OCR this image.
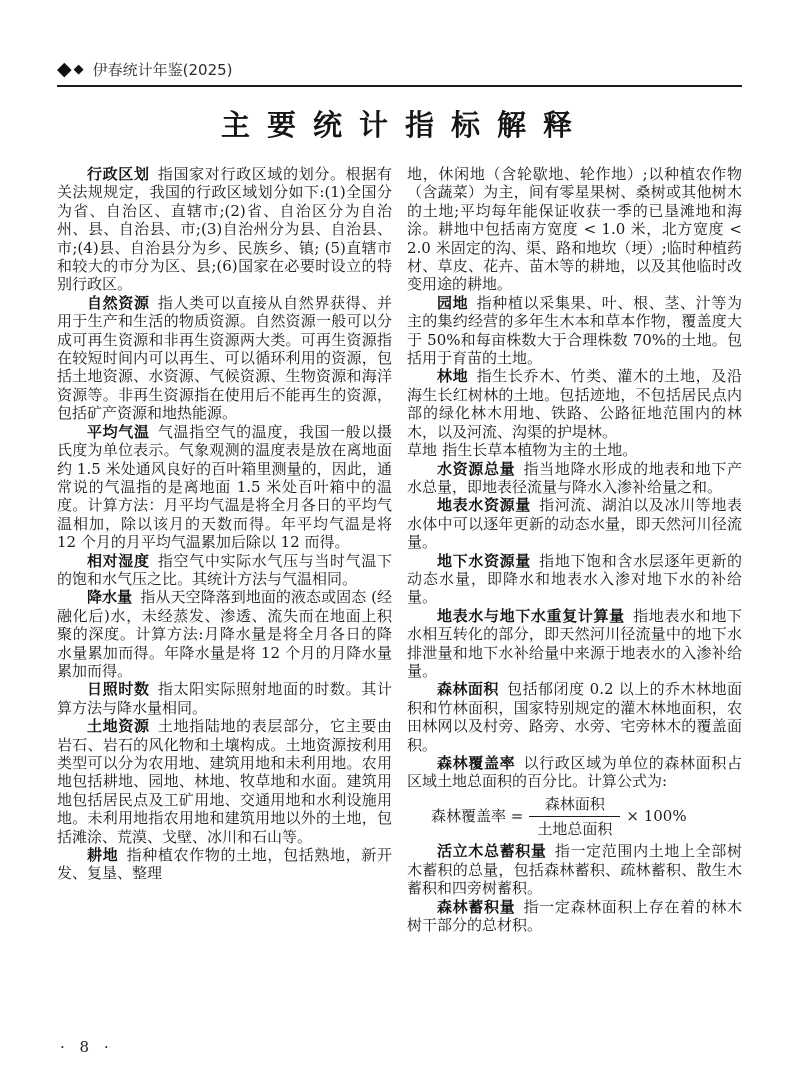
◆ ◆ 伊春统计年鉴(2025)
主要统计指标解释

行政区划 指国家对行政区域的划分。根据有关法规规定，我国的行政区域划分如下:(1)全国分为省、自治区、直辖市;(2)省、自治区分为自治州、县、自治县、市;(3)自治州分为县、自治县、市;(4)县、自治县分为乡、民族乡、镇; (5)直辖市和较大的市分为区、县;(6)国家在必要时设立的特别行政区。

自然资源 指人类可以直接从自然界获得、并用于生产和生活的物质资源。自然资源一般可以分成可再生资源和非再生资源两大类。可再生资源指在较短时间内可以再生、可以循环利用的资源，包括土地资源、水资源、气候资源、生物资源和海洋资源等。非再生资源指在使用后不能再生的资源，包括矿产资源和地热能源。

平均气温 气温指空气的温度，我国一般以摄氏度为单位表示。气象观测的温度表是放在离地面约 1.5 米处通风良好的百叶箱里测量的，因此，通常说的气温指的是离地面 1.5 米处百叶箱中的温度。计算方法：月平均气温是将全月各日的平均气温相加，除以该月的天数而得。年平均气温是将 12 个月的月平均气温累加后除以 12 而得。

相对湿度 指空气中实际水气压与当时气温下的饱和水气压之比。其统计方法与气温相同。

降水量 指从天空降落到地面的液态或固态 (经融化后)水，未经蒸发、渗透、流失而在地面上积聚的深度。计算方法:月降水量是将全月各日的降水量累加而得。年降水量是将 12 个月的月降水量累加而得。

日照时数 指太阳实际照射地面的时数。其计算方法与降水量相同。

土地资源 土地指陆地的表层部分，它主要由岩石、岩石的风化物和土壤构成。土地资源按利用类型可以分为农用地、建筑用地和未利用地。农用地包括耕地、园地、林地、牧草地和水面。建筑用地包括居民点及工矿用地、交通用地和水利设施用地。未利用地指农用地和建筑用地以外的土地，包括滩涂、荒漠、戈壁、冰川和石山等。

耕地 指种植农作物的土地，包括熟地，新开发、复垦、整理

地，休闲地（含轮歇地、轮作地）;以种植农作物（含蔬菜）为主，间有零星果树、桑树或其他树木的土地;平均每年能保证收获一季的已垦滩地和海涂。耕地中包括南方宽度 < 1.0 米，北方宽度 < 2.0 米固定的沟、渠、路和地坎（埂）;临时种植药材、草皮、花卉、苗木等的耕地，以及其他临时改变用途的耕地。

园地 指种植以采集果、叶、根、茎、汁等为主的集约经营的多年生木本和草本作物，覆盖度大于 50%和每亩株数大于合理株数 70%的土地。包括用于育苗的土地。

林地 指生长乔木、竹类、灌木的土地，及沿海生长红树林的土地。包括迹地，不包括居民点内部的绿化林木用地、铁路、公路征地范围内的林木，以及河流、沟渠的护堤林。

草地 指生长草本植物为主的土地。

水资源总量 指当地降水形成的地表和地下产水总量，即地表径流量与降水入渗补给量之和。

地表水资源量 指河流、湖泊以及冰川等地表水体中可以逐年更新的动态水量，即天然河川径流量。

地下水资源量 指地下饱和含水层逐年更新的动态水量，即降水和地表水入渗对地下水的补给量。

地表水与地下水重复计算量 指地表水和地下水相互转化的部分，即天然河川径流量中的地下水排泄量和地下水补给量中来源于地表水的入渗补给量。

森林面积 包括郁闭度 0.2 以上的乔木林地面积和竹林面积，国家特别规定的灌木林地面积，农田林网以及村旁、路旁、水旁、宅旁林木的覆盖面积。

森林覆盖率 以行政区域为单位的森林面积占区域土地总面积的百分比。计算公式为:

森林覆盖率 = $\frac{\text{森林面积}}{\text{土地总面积}} \times 100\%$

活立木总蓄积量 指一定范围内土地上全部树木蓄积的总量，包括森林蓄积、疏林蓄积、散生木蓄积和四旁树蓄积。

森林蓄积量 指一定森林面积上存在着的林木树干部分的总材积。

· 8 ·
